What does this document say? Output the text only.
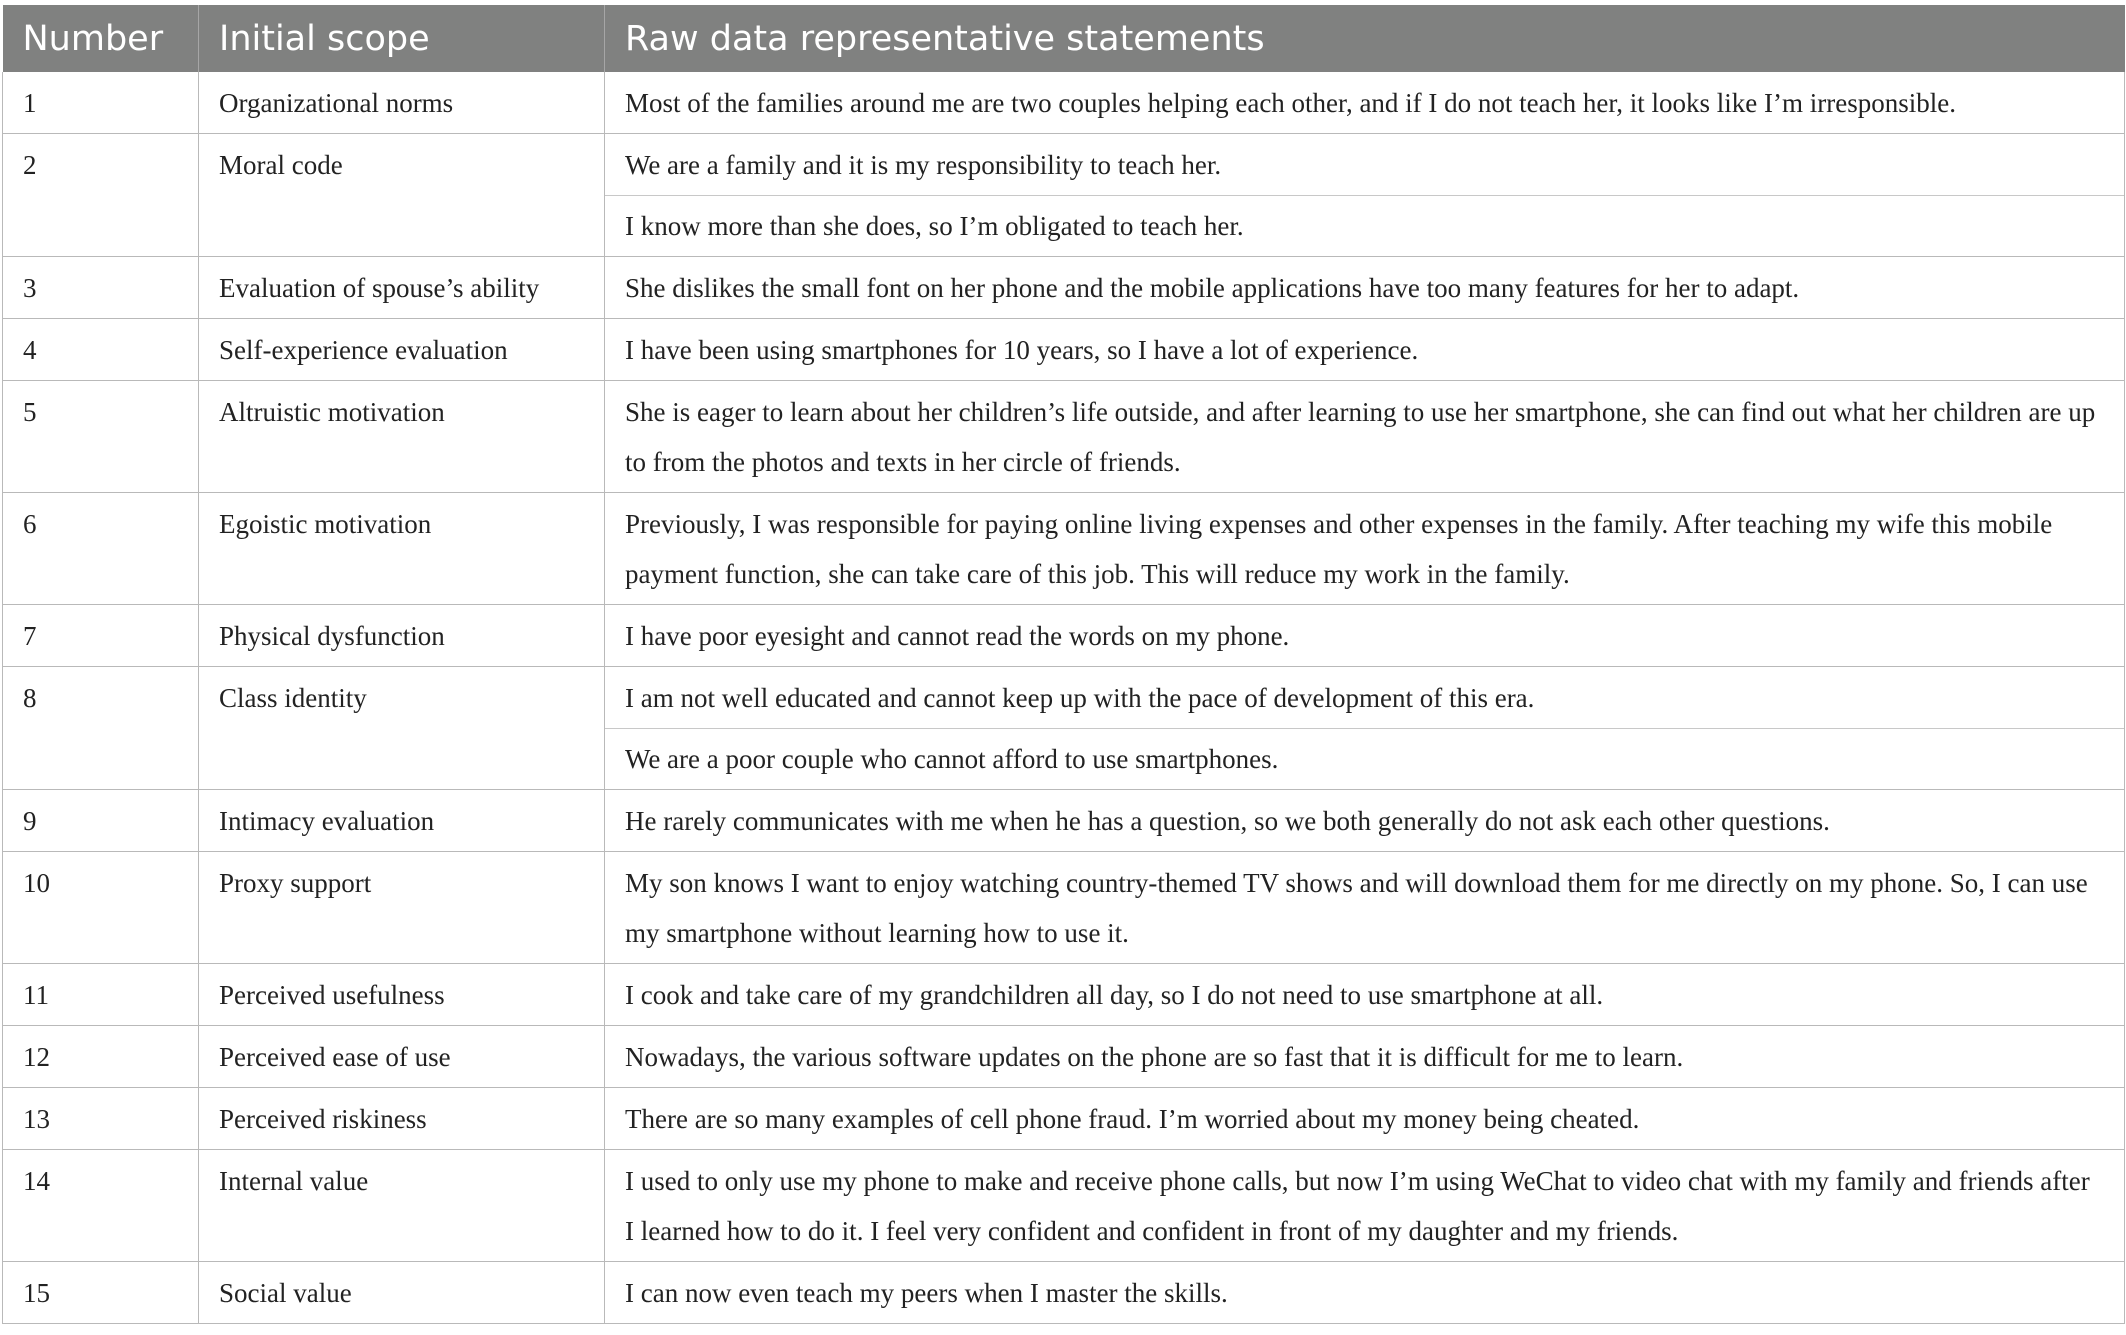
Number	Initial scope	Raw data representative statements
1	Organizational norms	Most of the families around me are two couples helping each other, and if I do not teach her, it looks like I’m irresponsible.

2	Moral code	We are a family and it is my responsibility to teach her.
I know more than she does, so I’m obligated to teach her.

3	Evaluation of spouse’s ability	She dislikes the small font on her phone and the mobile applications have too many features for her to adapt.

4	Self-experience evaluation	I have been using smartphones for 10 years, so I have a lot of experience.

5	Altruistic motivation	She is eager to learn about her children’s life outside, and after learning to use her smartphone, she can find out what her children are up to from the photos and texts in her circle of friends.

6	Egoistic motivation	Previously, I was responsible for paying online living expenses and other expenses in the family. After teaching my wife this mobile payment function, she can take care of this job. This will reduce my work in the family.

7	Physical dysfunction	I have poor eyesight and cannot read the words on my phone.

8	Class identity	I am not well educated and cannot keep up with the pace of development of this era.
We are a poor couple who cannot afford to use smartphones.

9	Intimacy evaluation	He rarely communicates with me when he has a question, so we both generally do not ask each other questions.

10	Proxy support	My son knows I want to enjoy watching country-themed TV shows and will download them for me directly on my phone. So, I can use my smartphone without learning how to use it.

11	Perceived usefulness	I cook and take care of my grandchildren all day, so I do not need to use smartphone at all.

12	Perceived ease of use	Nowadays, the various software updates on the phone are so fast that it is difficult for me to learn.

13	Perceived riskiness	There are so many examples of cell phone fraud. I’m worried about my money being cheated.

14	Internal value	I used to only use my phone to make and receive phone calls, but now I’m using WeChat to video chat with my family and friends after I learned how to do it. I feel very confident and confident in front of my daughter and my friends.

15	Social value	I can now even teach my peers when I master the skills.
